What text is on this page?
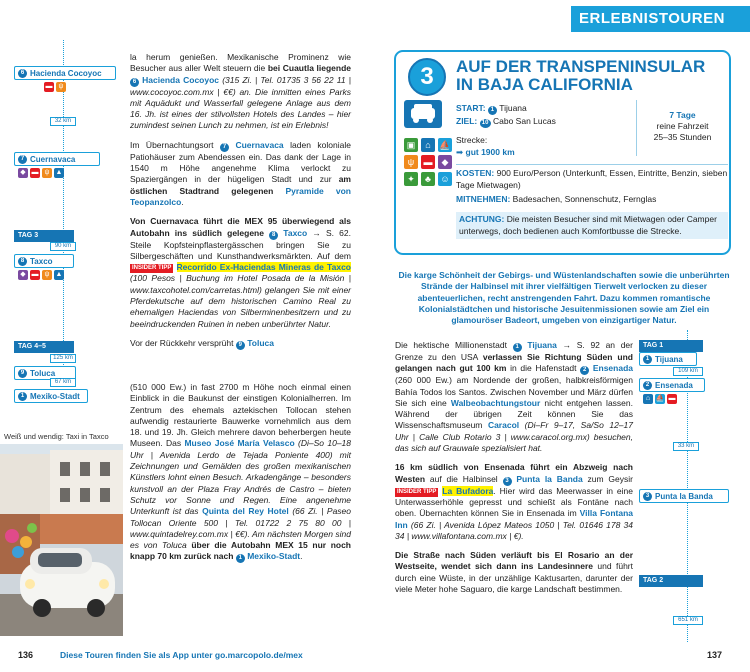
6 Hacienda Cocoyoc
▬ ψ
32 km
7 Cuernavaca
◆ ▬ ψ ▲
TAG 3
90 km
8 Taxco
◆ ▬ ψ ▲
TAG 4–5
125 km
9 Toluca
67 km
1 Mexiko-Stadt
Weiß und wendig: Taxi in Taxco

la herum genießen. Mexikanische Prominenz wie Besucher aus aller Welt steuern die bei Cuautla liegende 6 Hacienda Cocoyoc (315 Zi. | Tel. 01735 3 56 22 11 | www.cocoyoc.com.mx | €€) an. Die inmitten eines Parks mit Aquädukt und Wasserfall gelegene Anlage aus dem 16. Jh. ist eines der stilvollsten Hotels des Landes – hier zumindest seinen Lunch zu nehmen, ist ein Erlebnis!

Im Übernachtungsort 7 Cuernavaca laden koloniale Patiohäuser zum Abendessen ein. Das dank der Lage in 1540 m Höhe angenehme Klima verlockt zu Spaziergängen in der hügeligen Stadt und zur am östlichen Stadtrand gelegenen Pyramide von Teopanzolco.

Von Cuernavaca führt die MEX 95 überwiegend als Autobahn ins südlich gelegene 8 Taxco → S. 62. Steile Kopfsteinpflastergässchen bringen Sie zu Silbergeschäften und Kunsthandwerksmärkten. Auf dem INSIDER TIPP Recorrido Ex-Haciendas Mineras de Taxco (100 Pesos | Buchung im Hotel Posada de la Misión | www.taxcohotel.com/carretas.html) gelangen Sie mit einer Pferdekutsche auf dem historischen Camino Real zu ehemaligen Haciendas von Silberminenbesitzern und zu beeindruckenden Ruinen in neben unberührter Natur.

Vor der Rückkehr versprüht 9 Toluca

(510 000 Ew.) in fast 2700 m Höhe noch einmal einen Einblick in die Baukunst der einstigen Kolonialherren. Im Zentrum des ehemals aztekischen Tollocan stehen aufwendig restaurierte Bauwerke vornehmlich aus dem 18. und 19. Jh. Gleich mehrere davon beherbergen heute Museen. Das Museo José María Velasco (Di–So 10–18 Uhr | Avenida Lerdo de Tejada Poniente 400) mit Zeichnungen und Gemälden des großen mexikanischen Künstlers lohnt einen Besuch. Arkadengänge – besonders kunstvoll an der Plaza Fray Andrés de Castro – bieten Schutz vor Sonne und Regen. Eine angenehme Unterkunft ist das Quinta del Rey Hotel (66 Zi. | Paseo Tollocan Oriente 500 | Tel. 01722 2 75 80 00 | www.quintadelrey.com.mx | €€). Am nächsten Morgen sind es von Toluca über die Autobahn MEX 15 nur noch knapp 70 km zurück nach 1 Mexiko-Stadt.

136	Diese Touren finden Sie als App unter go.marcopolo.de/mex
ERLEBNISTOUREN
3	AUF DER TRANSPENINSULAR IN BAJA CALIFORNIA
START: 1 Tijuana
ZIEL: 10 Cabo San Lucas
Strecke:
➡ gut 1900 km
7 Tage
reine Fahrzeit
25–35 Stunden
▣	⌂ ⛵
ψ	▬	◆
✦	♣	☺
KOSTEN: 900 Euro/Person (Unterkunft, Essen, Eintritte, Benzin, sieben Tage Mietwagen)
MITNEHMEN: Badesachen, Sonnenschutz, Fernglas
ACHTUNG: Die meisten Besucher sind mit Mietwagen oder Camper unterwegs, doch bedienen auch Komfortbusse die Strecke.
Die karge Schönheit der Gebirgs- und Wüstenlandschaften sowie die unberührten Strände der Halbinsel mit ihrer vielfältigen Tierwelt verlocken zu dieser abenteuerlichen, recht anstrengenden Fahrt. Dazu kommen romantische Kolonialstädtchen und historische Jesuitenmissionen sowie am Ziel ein glamouröser Badeort, umgeben von einzigartiger Natur.

Die hektische Millionenstadt 1 Tijuana → S. 92 an der Grenze zu den USA verlassen Sie Richtung Süden und gelangen nach gut 100 km in die Hafenstadt 2 Ensenada (260 000 Ew.) am Nordende der großen, halbkreisförmigen Bahía Todos los Santos. Zwischen November und März dürfen Sie sich eine Walbeobachtungstour nicht entgehen lassen. Während der übrigen Zeit können Sie das Wissenschaftsmuseum Caracol (Di–Fr 9–17, Sa/So 12–17 Uhr | Calle Club Rotario 3 | www.caracol.org.mx) besuchen, das sich auf Grauwale spezialisiert hat.

16 km südlich von Ensenada führt ein Abzweig nach Westen auf die Halbinsel 3 Punta la Banda zum Geysir INSIDER TIPP La Bufadora. Hier wird das Meerwasser in eine Unterwasserhöhle gepresst und schießt als Fontäne nach oben. Übernachten können Sie in Ensenada im Villa Fontana Inn (66 Zi. | Avenida López Mateos 1050 | Tel. 01646 178 34 34 | www.villafontana.com.mx | €).

Die Straße nach Süden verläuft bis El Rosario an der Westseite, wendet sich dann ins Landesinnere und führt durch eine Wüste, in der unzählige Kaktusarten, darunter der viele Meter hohe Saguaro, die karge Landschaft bestimmen.

TAG 1
1 Tijuana
109 km
2 Ensenada
⌂ ⛵ ▬
33 km
3 Punta la Banda
TAG 2
651 km
137
